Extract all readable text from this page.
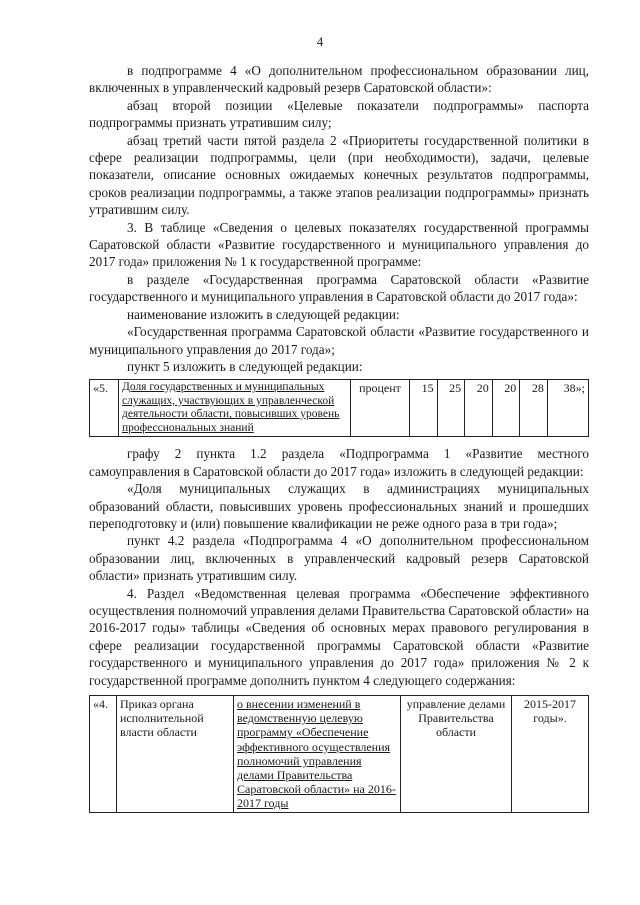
4

в подпрограмме 4 «О дополнительном профессиональном образовании лиц, включенных в управленческий кадровый резерв Саратовской области»:

абзац второй позиции «Целевые показатели подпрограммы» паспорта подпрограммы признать утратившим силу;

абзац третий части пятой раздела 2 «Приоритеты государственной политики в сфере реализации подпрограммы, цели (при необходимости), задачи, целевые показатели, описание основных ожидаемых конечных результатов подпрограммы, сроков реализации подпрограммы, а также этапов реализации подпрограммы» признать утратившим силу.

3. В таблице «Сведения о целевых показателях государственной программы Саратовской области «Развитие государственного и муниципального управления до 2017 года» приложения № 1 к государственной программе:

в разделе «Государственная программа Саратовской области «Развитие государственного и муниципального управления в Саратовской области до 2017 года»:

наименование изложить в следующей редакции:

«Государственная программа Саратовской области «Развитие государственного и муниципального управления до 2017 года»;

пункт 5 изложить в следующей редакции:

«5.	Доля государственных и муниципальных служащих, участвующих в управленческой деятельности области, повысивших уровень профессиональных знаний	процент	15	25	20	20	28	38»;

графу 2 пункта 1.2 раздела «Подпрограмма 1 «Развитие местного самоуправления в Саратовской области до 2017 года» изложить в следующей редакции:

«Доля муниципальных служащих в администрациях муниципальных образований области, повысивших уровень профессиональных знаний и прошедших переподготовку и (или) повышение квалификации не реже одного раза в три года»;

пункт 4.2 раздела «Подпрограмма 4 «О дополнительном профессиональном образовании лиц, включенных в управленческий кадровый резерв Саратовской области» признать утратившим силу.

4. Раздел «Ведомственная целевая программа «Обеспечение эффективного осуществления полномочий управления делами Правительства Саратовской области» на 2016-2017 годы» таблицы «Сведения об основных мерах правового регулирования в сфере реализации государственной программы Саратовской области «Развитие государственного и муниципального управления до 2017 года» приложения № 2 к государственной программе дополнить пунктом 4 следующего содержания:

«4.	Приказ органа исполнительной власти области	о внесении изменений в ведомственную целевую программу «Обеспечение эффективного осуществления полномочий управления делами Правительства Саратовской области» на 2016-2017 годы	управление делами Правительства области	2015-2017 годы».
